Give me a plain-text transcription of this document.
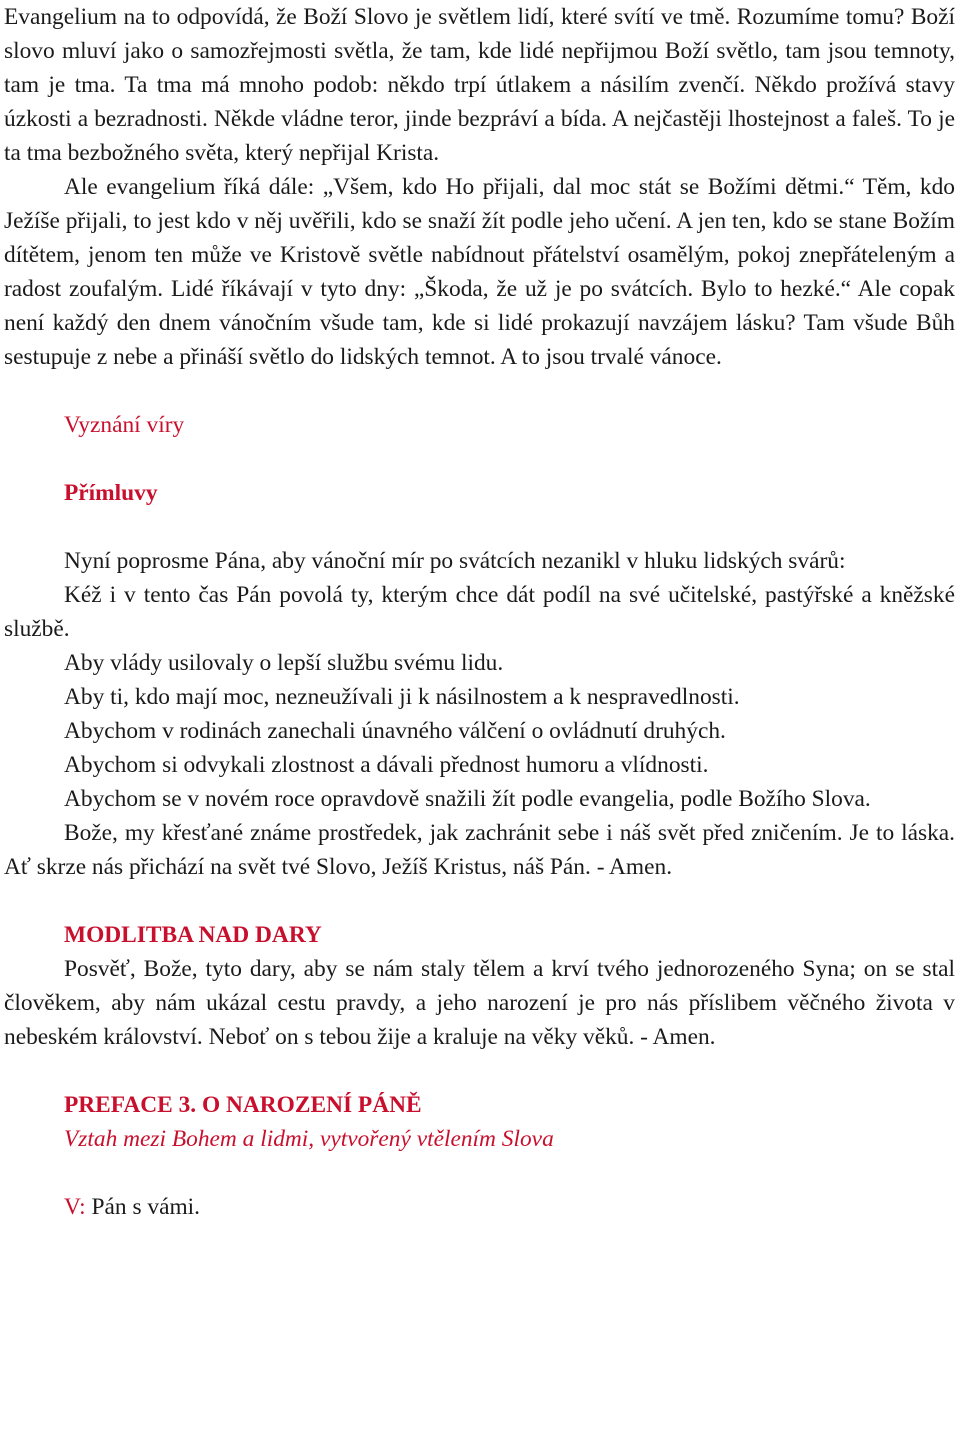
Evangelium na to odpovídá, že Boží Slovo je světlem lidí, které svítí ve tmě. Rozumíme tomu? Boží slovo mluví jako o samozřejmosti světla, že tam, kde lidé nepřijmou Boží světlo, tam jsou temnoty, tam je tma. Ta tma má mnoho podob: někdo trpí útlakem a násilím zvenčí. Někdo prožívá stavy úzkosti a bezradnosti. Někde vládne teror, jinde bezpráví a bída. A nejčastěji lhostejnost a faleš. To je ta tma bezbožného světa, který nepřijal Krista.

Ale evangelium říká dále: „Všem, kdo Ho přijali, dal moc stát se Božími dětmi.“ Těm, kdo Ježíše přijali, to jest kdo v něj uvěřili, kdo se snaží žít podle jeho učení. A jen ten, kdo se stane Božím dítětem, jenom ten může ve Kristově světle nabídnout přátelství osamělým, pokoj znepřáteleným a radost zoufalým. Lidé říkávají v tyto dny: „Škoda, že už je po svátcích. Bylo to hezké.“ Ale copak není každý den dnem vánočním všude tam, kde si lidé prokazují navzájem lásku? Tam všude Bůh sestupuje z nebe a přináší světlo do lidských temnot. A to jsou trvalé vánoce.

Vyznání víry

Přímluvy

Nyní poprosme Pána, aby vánoční mír po svátcích nezanikl v hluku lidských svárů:

Kéž i v tento čas Pán povolá ty, kterým chce dát podíl na své učitelské, pastýřské a kněžské službě.

Aby vlády usilovaly o lepší službu svému lidu.

Aby ti, kdo mají moc, nezneužívali ji k násilnostem a k nespravedlnosti.

Abychom v rodinách zanechali únavného válčení o ovládnutí druhých.

Abychom si odvykali zlostnost a dávali přednost humoru a vlídnosti.

Abychom se v novém roce opravdově snažili žít podle evangelia, podle Božího Slova.

Bože, my křesťané známe prostředek, jak zachránit sebe i náš svět před zničením. Je to láska. Ať skrze nás přichází na svět tvé Slovo, Ježíš Kristus, náš Pán. - Amen.

MODLITBA NAD DARY

Posvěť, Bože, tyto dary, aby se nám staly tělem a krví tvého jednorozeného Syna; on se stal člověkem, aby nám ukázal cestu pravdy, a jeho narození je pro nás příslibem věčného života v nebeském království. Neboť on s tebou žije a kraluje na věky věků. - Amen.

PREFACE 3. O NAROZENÍ PÁNĚ

Vztah mezi Bohem a lidmi, vytvořený vtělením Slova

V: Pán s vámi.
